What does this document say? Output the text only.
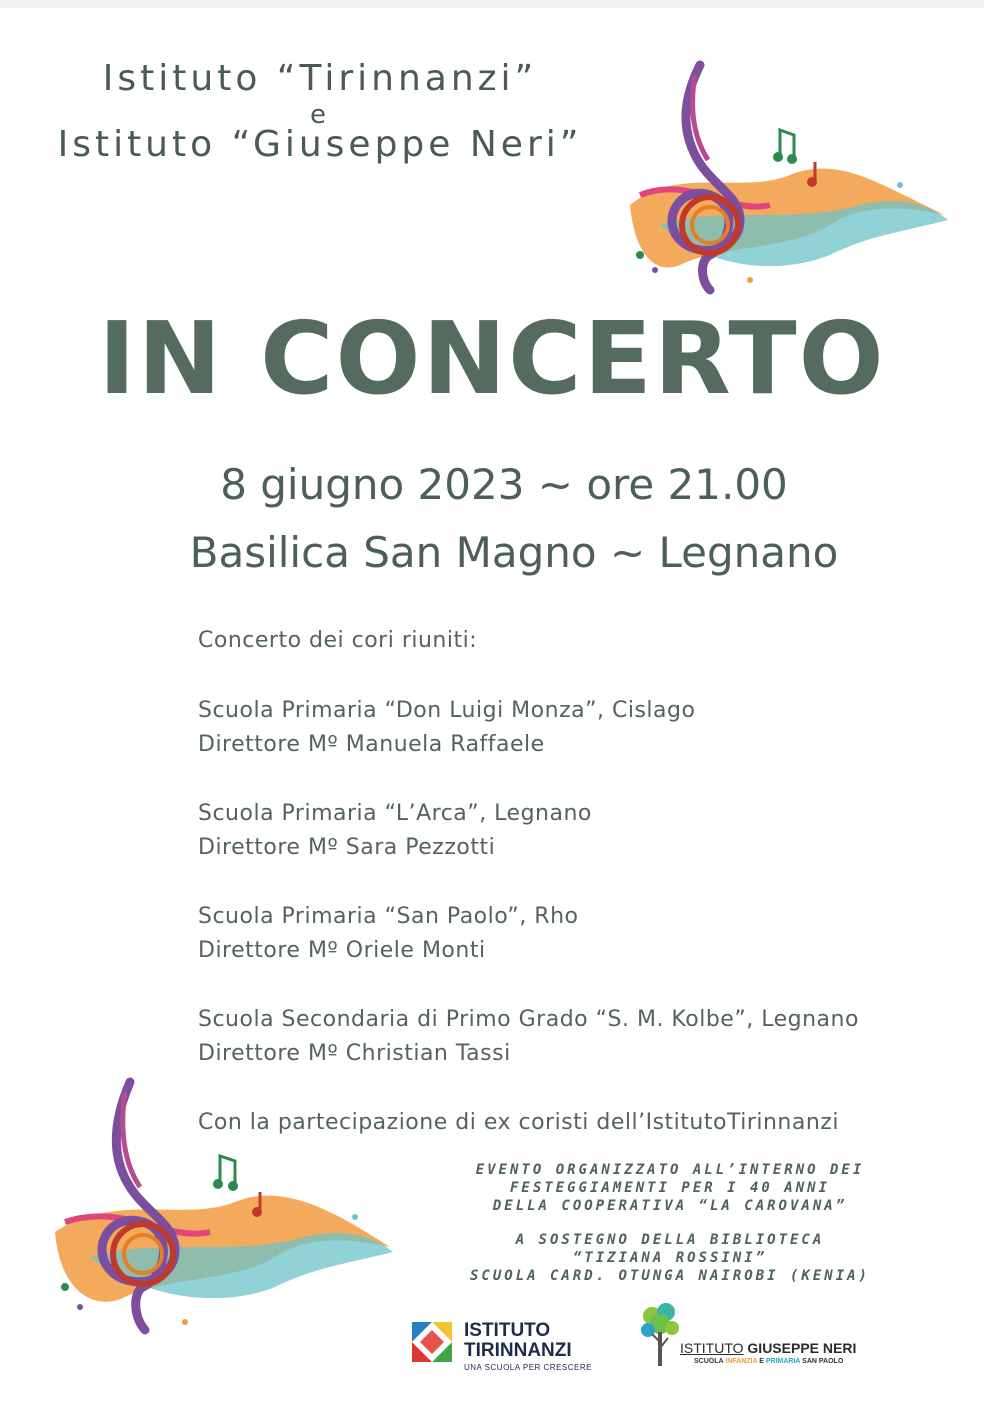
Istituto “Tirinnanzi”
e
Istituto “Giuseppe Neri”
IN CONCERTO
8 giugno 2023 ~ ore 21.00
Basilica San Magno ~ Legnano
Concerto dei cori riuniti:
Scuola Primaria “Don Luigi Monza”, Cislago
Direttore Mº Manuela Raffaele
Scuola Primaria “L’Arca”, Legnano
Direttore Mº Sara Pezzotti
Scuola Primaria “San Paolo”, Rho
Direttore Mº Oriele Monti
Scuola Secondaria di Primo Grado “S. M. Kolbe”, Legnano
Direttore Mº Christian Tassi
Con la partecipazione di ex coristi dell’IstitutoTirinnanzi
EVENTO ORGANIZZATO ALL’INTERNO DEI
FESTEGGIAMENTI PER I 40 ANNI
DELLA COOPERATIVA “LA CAROVANA”
A SOSTEGNO DELLA BIBLIOTECA
“TIZIANA ROSSINI”
SCUOLA CARD. OTUNGA NAIROBI (KENIA)
ISTITUTO
TIRINNANZI
UNA SCUOLA PER CRESCERE
ISTITUTO GIUSEPPE NERI
SCUOLA INFANZIA E PRIMARIA SAN PAOLO
